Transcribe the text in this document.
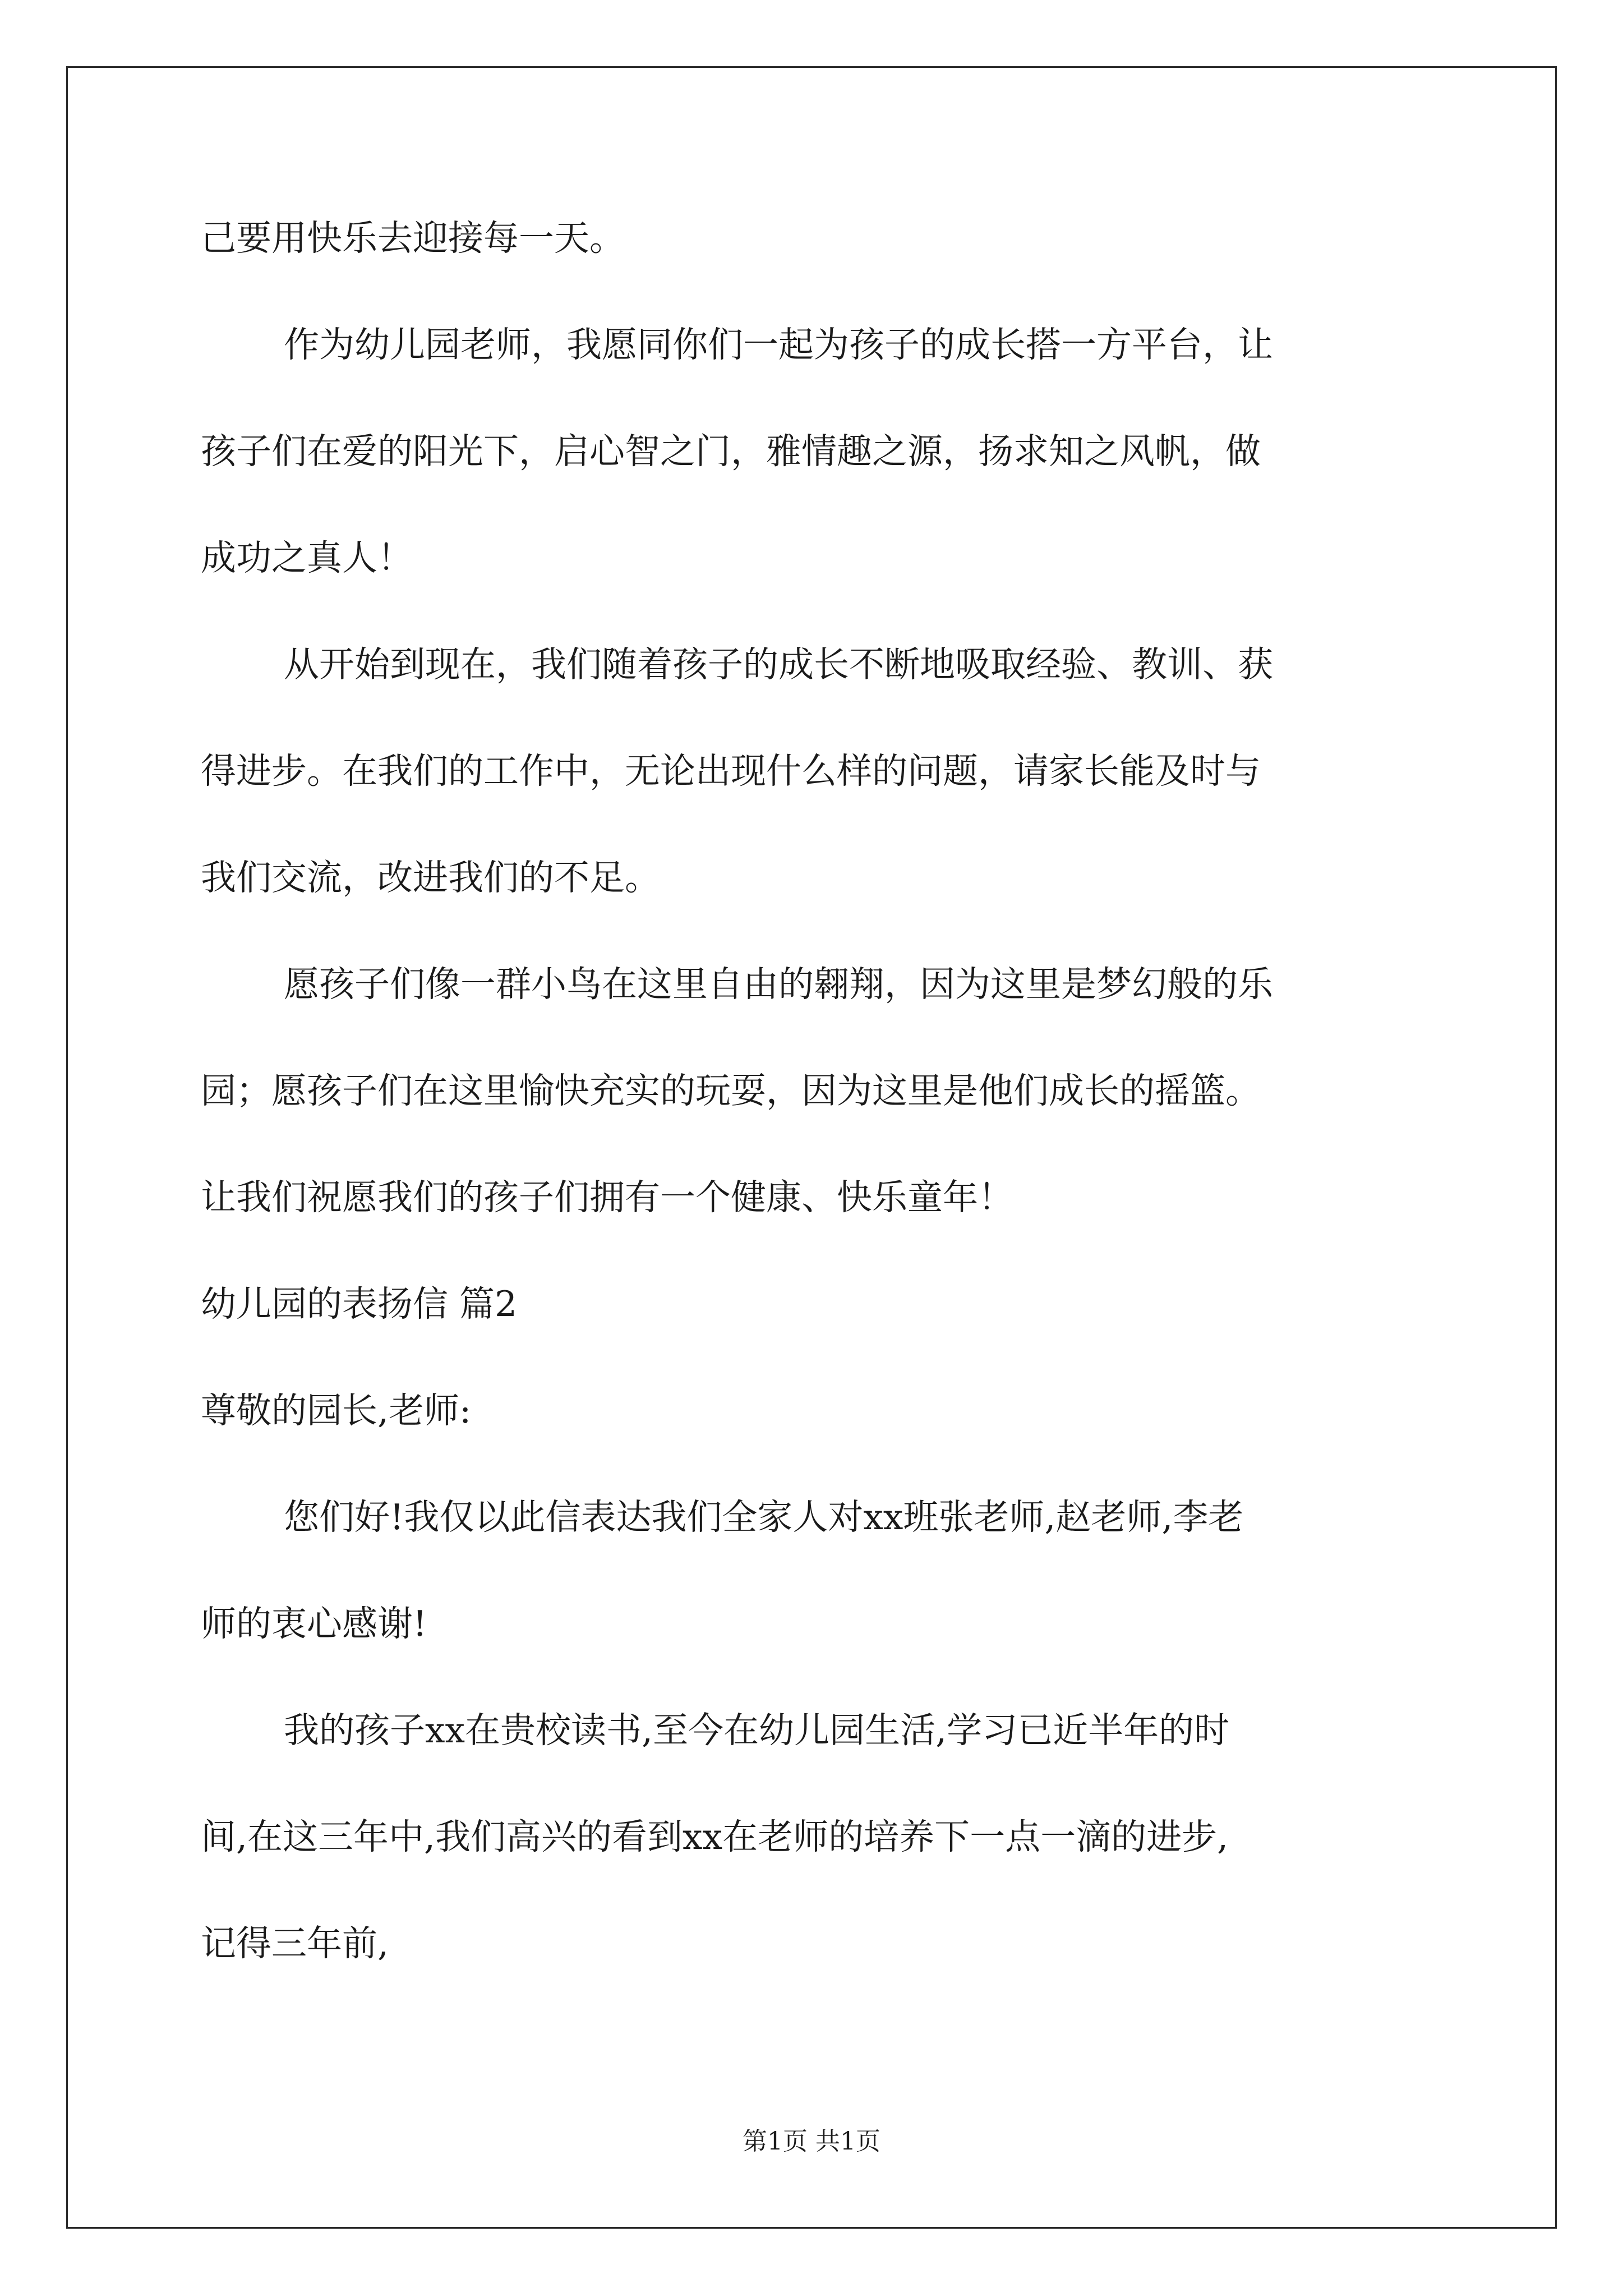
己要用快乐去迎接每一天。
作为幼儿园老师，我愿同你们一起为孩子的成长搭一方平台，让
孩子们在爱的阳光下，启心智之门，雅情趣之源，扬求知之风帆，做
成功之真人！
从开始到现在，我们随着孩子的成长不断地吸取经验、教训、获
得进步。在我们的工作中，无论出现什么样的问题，请家长能及时与
我们交流，改进我们的不足。
愿孩子们像一群小鸟在这里自由的翱翔，因为这里是梦幻般的乐
园；愿孩子们在这里愉快充实的玩耍，因为这里是他们成长的摇篮。
让我们祝愿我们的孩子们拥有一个健康、快乐童年！
幼儿园的表扬信 篇2
尊敬的园长,老师:
您们好!我仅以此信表达我们全家人对xx班张老师,赵老师,李老
师的衷心感谢!
我的孩子xx在贵校读书,至今在幼儿园生活,学习已近半年的时
间,在这三年中,我们高兴的看到xx在老师的培养下一点一滴的进步,
记得三年前,
第1页 共1页
